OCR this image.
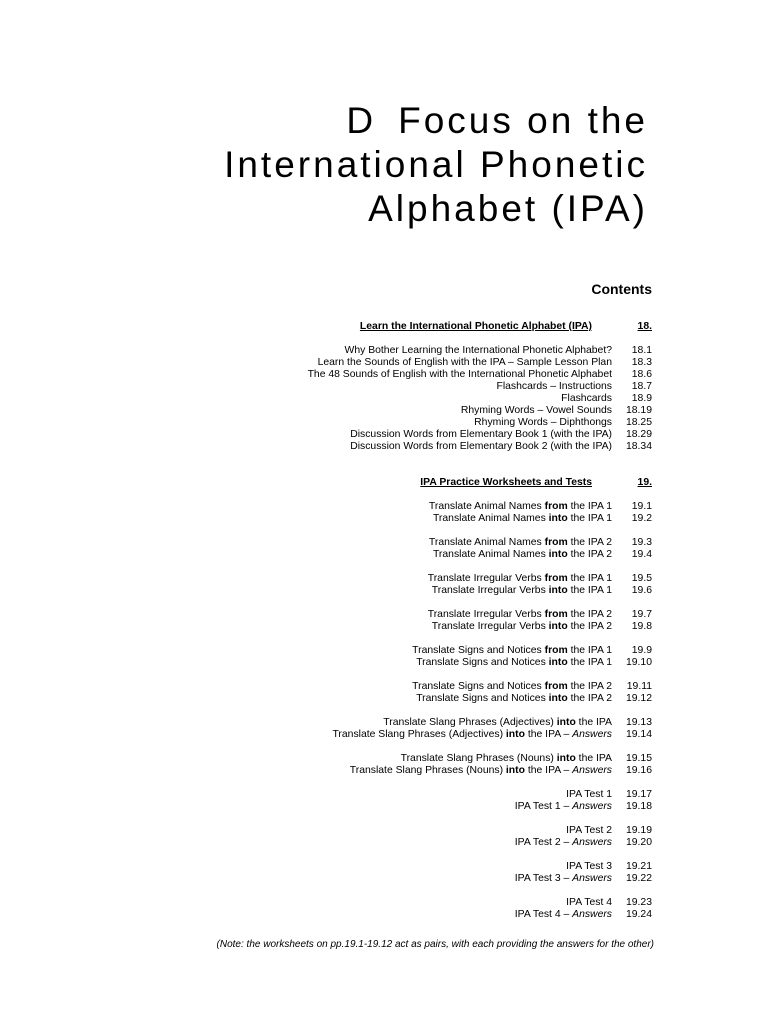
D Focus on the
International Phonetic
Alphabet (IPA)
Contents
Learn the International Phonetic Alphabet (IPA)	18.
Why Bother Learning the International Phonetic Alphabet?	18.1
Learn the Sounds of English with the IPA – Sample Lesson Plan	18.3
The 48 Sounds of English with the International Phonetic Alphabet	18.6
Flashcards – Instructions	18.7
Flashcards	18.9
Rhyming Words – Vowel Sounds	18.19
Rhyming Words – Diphthongs	18.25
Discussion Words from Elementary Book 1 (with the IPA)	18.29
Discussion Words from Elementary Book 2 (with the IPA)	18.34
IPA Practice Worksheets and Tests	19.
Translate Animal Names from the IPA 1	19.1
Translate Animal Names into the IPA 1	19.2
Translate Animal Names from the IPA 2	19.3
Translate Animal Names into the IPA 2	19.4
Translate Irregular Verbs from the IPA 1	19.5
Translate Irregular Verbs into the IPA 1	19.6
Translate Irregular Verbs from the IPA 2	19.7
Translate Irregular Verbs into the IPA 2	19.8
Translate Signs and Notices from the IPA 1	19.9
Translate Signs and Notices into the IPA 1	19.10
Translate Signs and Notices from the IPA 2	19.11
Translate Signs and Notices into the IPA 2	19.12
Translate Slang Phrases (Adjectives) into the IPA	19.13
Translate Slang Phrases (Adjectives) into the IPA – Answers	19.14
Translate Slang Phrases (Nouns) into the IPA	19.15
Translate Slang Phrases (Nouns) into the IPA – Answers	19.16
IPA Test 1	19.17
IPA Test 1 – Answers	19.18
IPA Test 2	19.19
IPA Test 2 – Answers	19.20
IPA Test 3	19.21
IPA Test 3 – Answers	19.22
IPA Test 4	19.23
IPA Test 4 – Answers	19.24
(Note: the worksheets on pp.19.1-19.12 act as pairs, with each providing the answers for the other)
